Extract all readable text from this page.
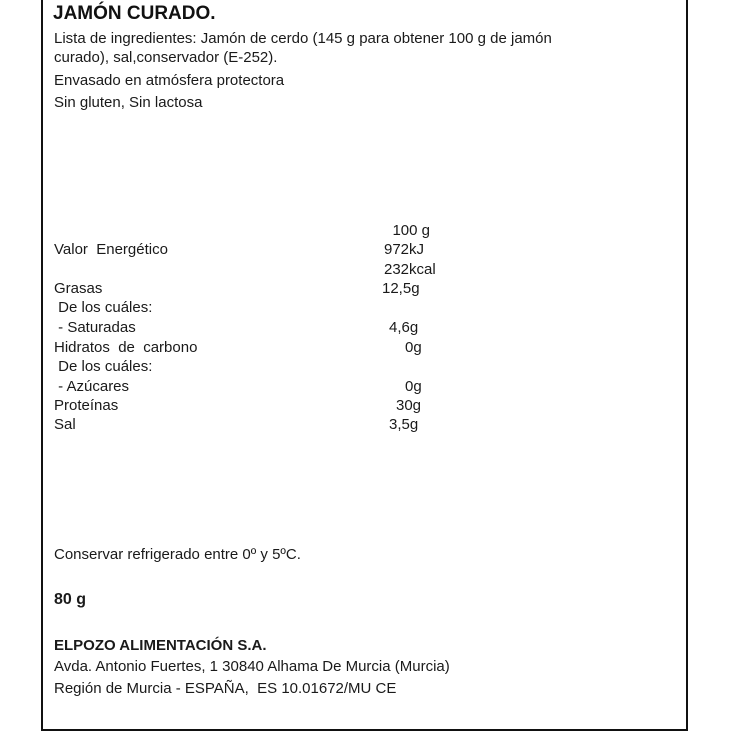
JAMÓN CURADO.
Lista de ingredientes: Jamón de cerdo (145 g para obtener 100 g de jamón
curado), sal,conservador (E-252).
Envasado en atmósfera protectora
Sin gluten, Sin lactosa
100 g
Valor  Energético	972kJ
232kcal
Grasas	12,5g
De los cuáles:
- Saturadas	4,6g
Hidratos  de  carbono	0g
De los cuáles:
- Azúcares	0g
Proteínas	30g
Sal	3,5g
Conservar refrigerado entre 0º y 5ºC.
80 g
ELPOZO ALIMENTACIÓN S.A.
Avda. Antonio Fuertes, 1 30840 Alhama De Murcia (Murcia)
Región de Murcia - ESPAÑA,  ES 10.01672/MU CE
